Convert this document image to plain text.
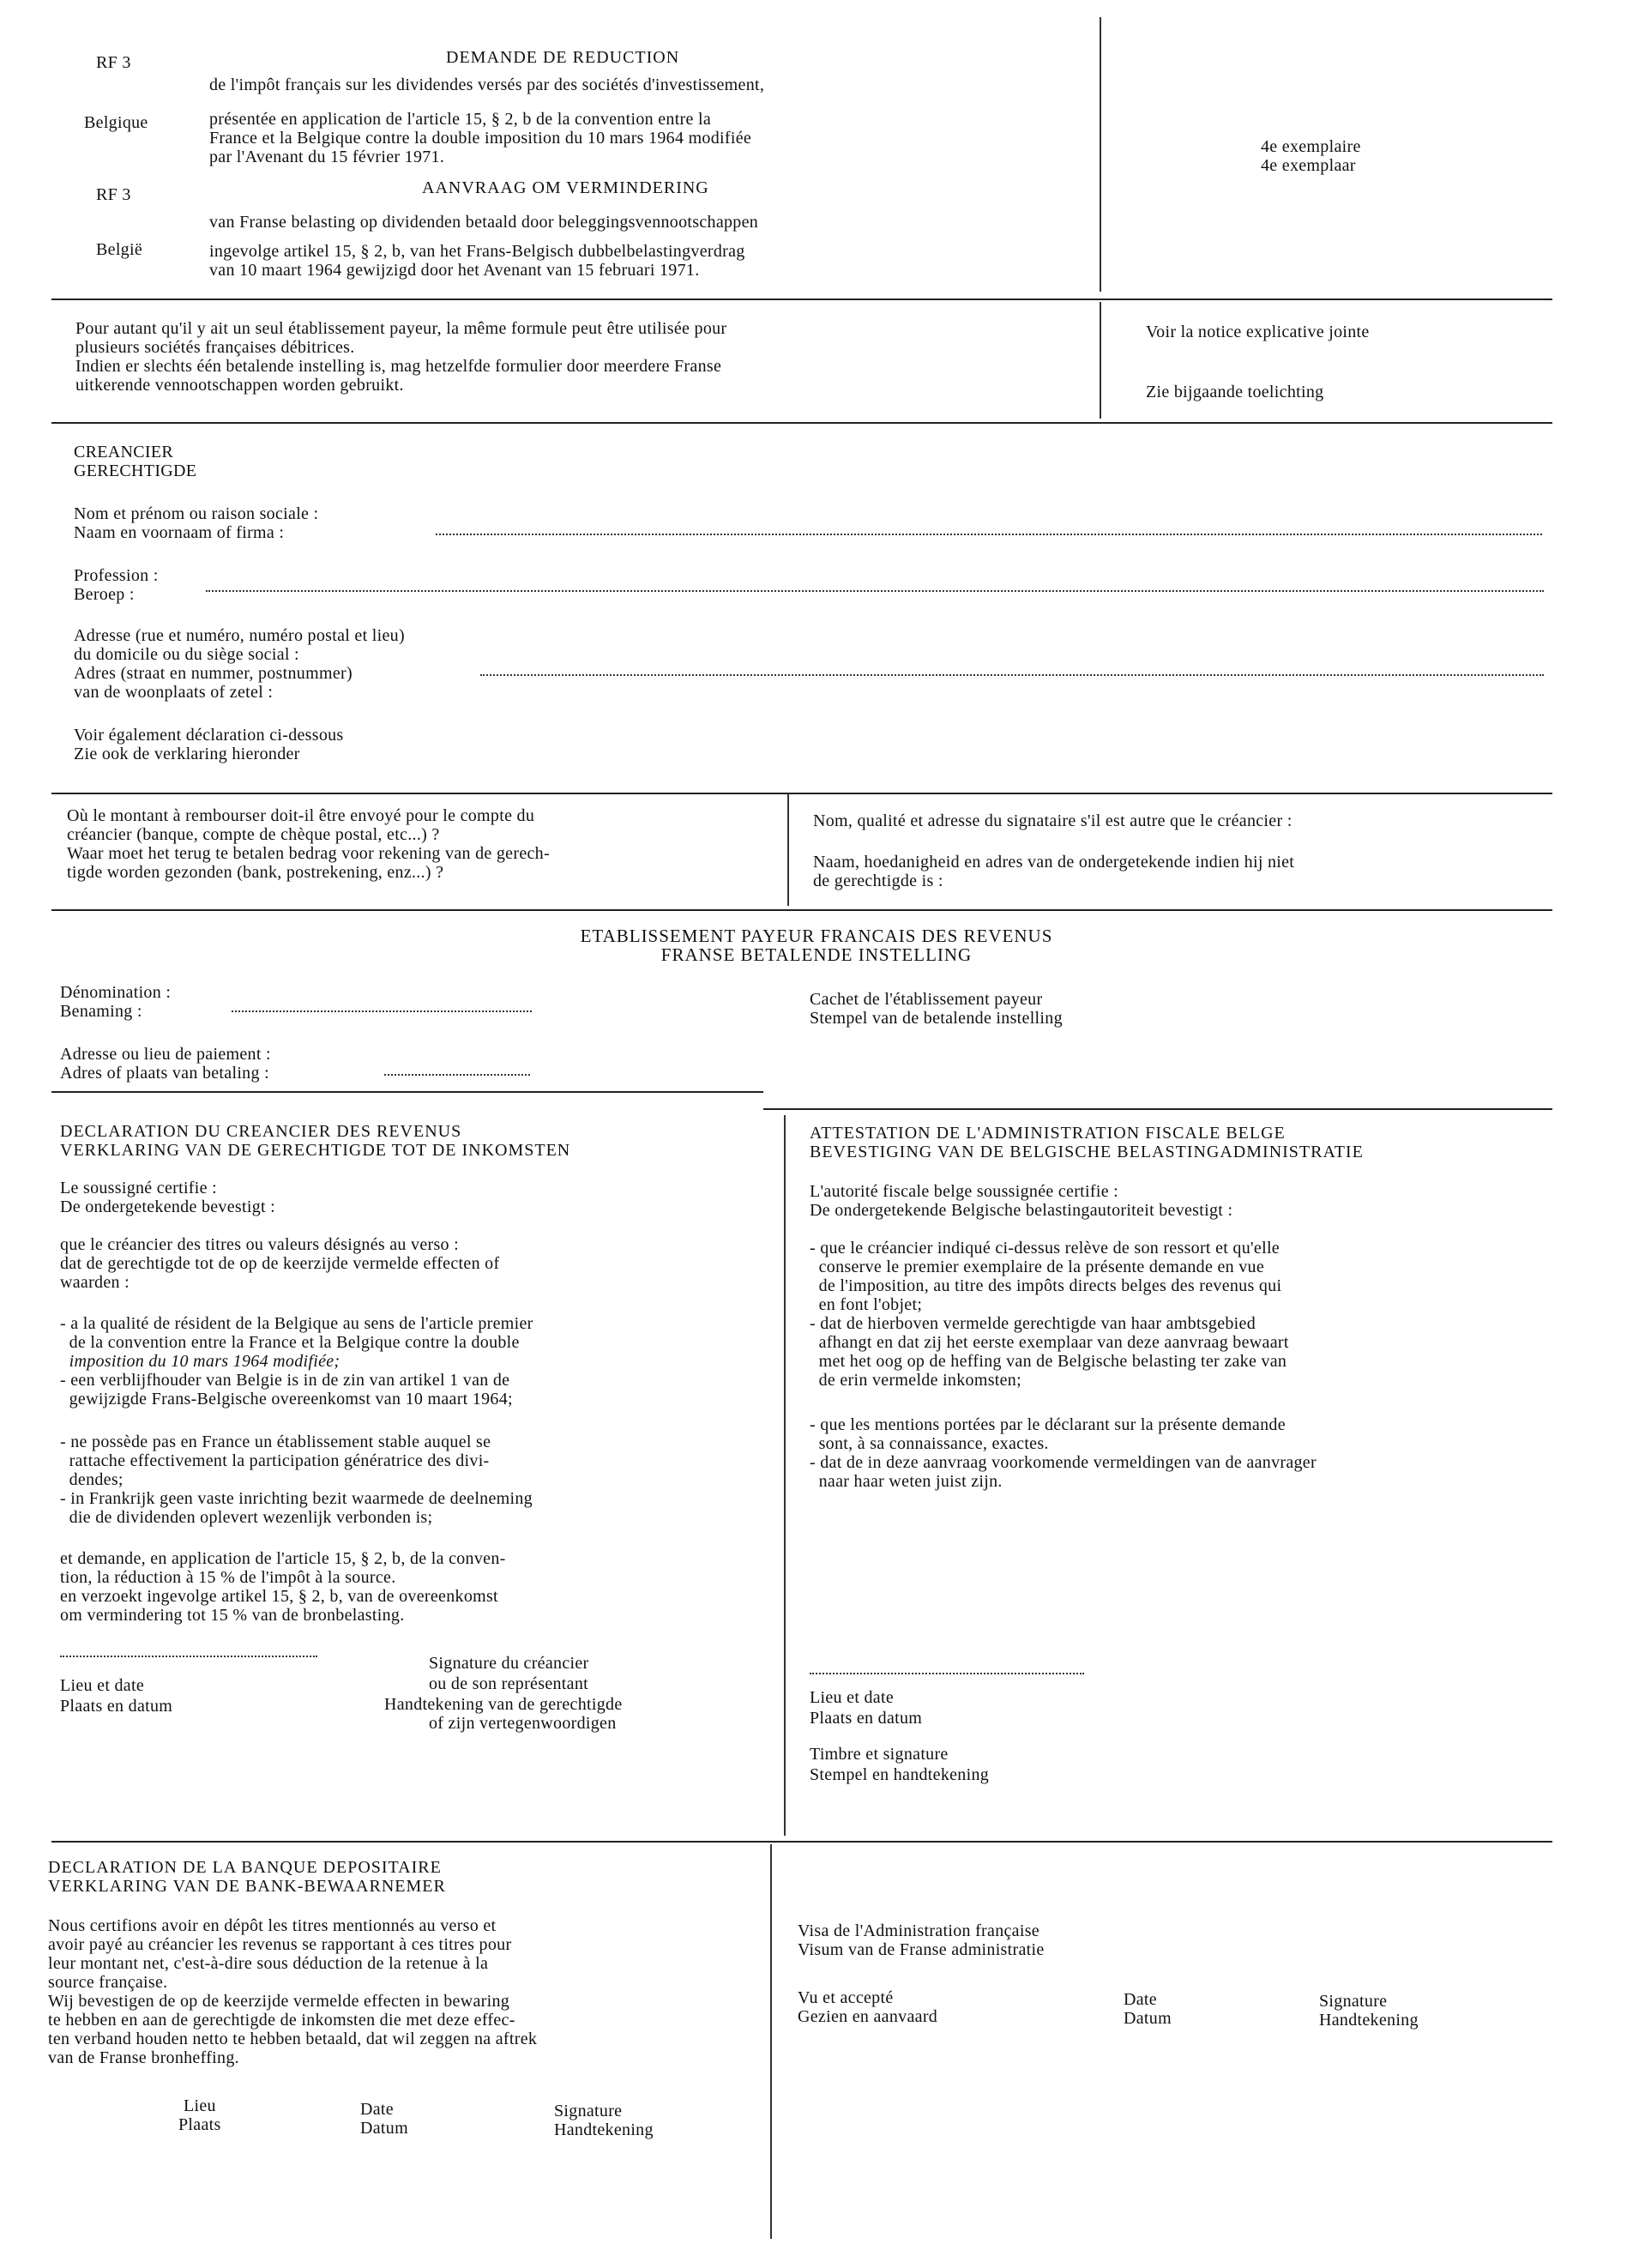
RF 3	DEMANDE DE REDUCTION
de l'impôt français sur les dividendes versés par des sociétés d'investissement,
Belgique	présentée en application de l'article 15, § 2, b de la convention entre la
France et la Belgique contre la double imposition du 10 mars 1964 modifiée
par l'Avenant du 15 février 1971.
RF 3	AANVRAAG OM VERMINDERING
van Franse belasting op dividenden betaald door beleggingsvennootschappen
België	ingevolge artikel 15, § 2, b, van het Frans-Belgisch dubbelbelastingverdrag
van 10 maart 1964 gewijzigd door het Avenant van 15 februari 1971.
4e exemplaire
4e exemplaar
Pour autant qu'il y ait un seul établissement payeur, la même formule peut être utilisée pour
plusieurs sociétés françaises débitrices.
Indien er slechts één betalende instelling is, mag hetzelfde formulier door meerdere Franse
uitkerende vennootschappen worden gebruikt.
Voir la notice explicative jointe
Zie bijgaande toelichting
CREANCIER
GERECHTIGDE
Nom et prénom ou raison sociale :
Naam en voornaam of firma :
Profession :
Beroep :
Adresse (rue et numéro, numéro postal et lieu)
du domicile ou du siège social :
Adres (straat en nummer, postnummer)
van de woonplaats of zetel :
Voir également déclaration ci-dessous
Zie ook de verklaring hieronder
Où le montant à rembourser doit-il être envoyé pour le compte du
créancier (banque, compte de chèque postal, etc...) ?
Waar moet het terug te betalen bedrag voor rekening van de gerech-
tigde worden gezonden (bank, postrekening, enz...) ?
Nom, qualité et adresse du signataire s'il est autre que le créancier :
Naam, hoedanigheid en adres van de ondergetekende indien hij niet
de gerechtigde is :
ETABLISSEMENT PAYEUR FRANCAIS DES REVENUS
FRANSE BETALENDE INSTELLING
Dénomination :
Benaming :
Cachet de l'établissement payeur
Stempel van de betalende instelling
Adresse ou lieu de paiement :
Adres of plaats van betaling :
DECLARATION DU CREANCIER DES REVENUS
VERKLARING VAN DE GERECHTIGDE TOT DE INKOMSTEN
Le soussigné certifie :
De ondergetekende bevestigt :
que le créancier des titres ou valeurs désignés au verso :
dat de gerechtigde tot de op de keerzijde vermelde effecten of
waarden :
- a la qualité de résident de la Belgique au sens de l'article premier
de la convention entre la France et la Belgique contre la double
imposition du 10 mars 1964 modifiée;
- een verblijfhouder van Belgie is in de zin van artikel 1 van de
gewijzigde Frans-Belgische overeenkomst van 10 maart 1964;
- ne possède pas en France un établissement stable auquel se
rattache effectivement la participation génératrice des divi-
dendes;
- in Frankrijk geen vaste inrichting bezit waarmede de deelneming
die de dividenden oplevert wezenlijk verbonden is;
et demande, en application de l'article 15, § 2, b, de la conven-
tion, la réduction à 15 % de l'impôt à la source.
en verzoekt ingevolge artikel 15, § 2, b, van de overeenkomst
om vermindering tot 15 % van de bronbelasting.
Lieu et date
Plaats en datum
Signature du créancier
ou de son représentant
Handtekening van de gerechtigde
of zijn vertegenwoordigen
ATTESTATION DE L'ADMINISTRATION FISCALE BELGE
BEVESTIGING VAN DE BELGISCHE BELASTINGADMINISTRATIE
L'autorité fiscale belge soussignée certifie :
De ondergetekende Belgische belastingautoriteit bevestigt :
- que le créancier indiqué ci-dessus relève de son ressort et qu'elle
conserve le premier exemplaire de la présente demande en vue
de l'imposition, au titre des impôts directs belges des revenus qui
en font l'objet;
- dat de hierboven vermelde gerechtigde van haar ambtsgebied
afhangt en dat zij het eerste exemplaar van deze aanvraag bewaart
met het oog op de heffing van de Belgische belasting ter zake van
de erin vermelde inkomsten;
- que les mentions portées par le déclarant sur la présente demande
sont, à sa connaissance, exactes.
- dat de in deze aanvraag voorkomende vermeldingen van de aanvrager
naar haar weten juist zijn.
Lieu et date
Plaats en datum
Timbre et signature
Stempel en handtekening
DECLARATION DE LA BANQUE DEPOSITAIRE
VERKLARING VAN DE BANK-BEWAARNEMER
Nous certifions avoir en dépôt les titres mentionnés au verso et
avoir payé au créancier les revenus se rapportant à ces titres pour
leur montant net, c'est-à-dire sous déduction de la retenue à la
source française.
Wij bevestigen de op de keerzijde vermelde effecten in bewaring
te hebben en aan de gerechtigde de inkomsten die met deze effec-
ten verband houden netto te hebben betaald, dat wil zeggen na aftrek
van de Franse bronheffing.
Lieu
Plaats
Date
Datum
Signature
Handtekening
Visa de l'Administration française
Visum van de Franse administratie
Vu et accepté
Gezien en aanvaard
Date
Datum
Signature
Handtekening
